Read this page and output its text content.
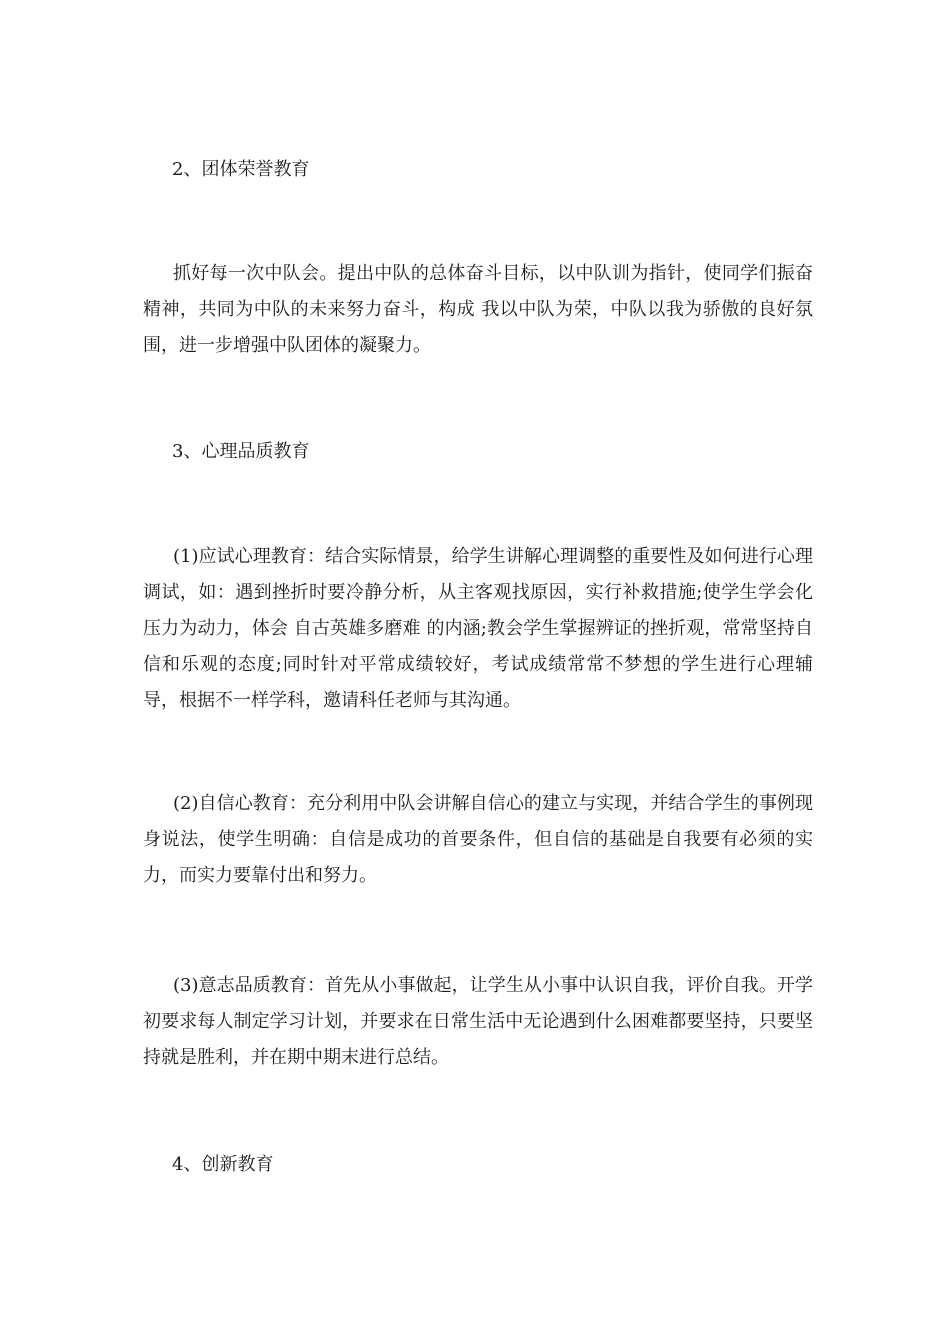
2、团体荣誉教育

抓好每一次中队会。提出中队的总体奋斗目标，以中队训为指针，使同学们振奋精神，共同为中队的未来努力奋斗，构成 我以中队为荣，中队以我为骄傲的良好氛围，进一步增强中队团体的凝聚力。

3、心理品质教育

(1)应试心理教育：结合实际情景，给学生讲解心理调整的重要性及如何进行心理调试，如：遇到挫折时要冷静分析，从主客观找原因，实行补救措施;使学生学会化压力为动力，体会 自古英雄多磨难 的内涵;教会学生掌握辨证的挫折观，常常坚持自信和乐观的态度;同时针对平常成绩较好，考试成绩常常不梦想的学生进行心理辅导，根据不一样学科，邀请科任老师与其沟通。

(2)自信心教育：充分利用中队会讲解自信心的建立与实现，并结合学生的事例现身说法，使学生明确：自信是成功的首要条件，但自信的基础是自我要有必须的实力，而实力要靠付出和努力。

(3)意志品质教育：首先从小事做起，让学生从小事中认识自我，评价自我。开学初要求每人制定学习计划，并要求在日常生活中无论遇到什么困难都要坚持，只要坚持就是胜利，并在期中期末进行总结。

4、创新教育
